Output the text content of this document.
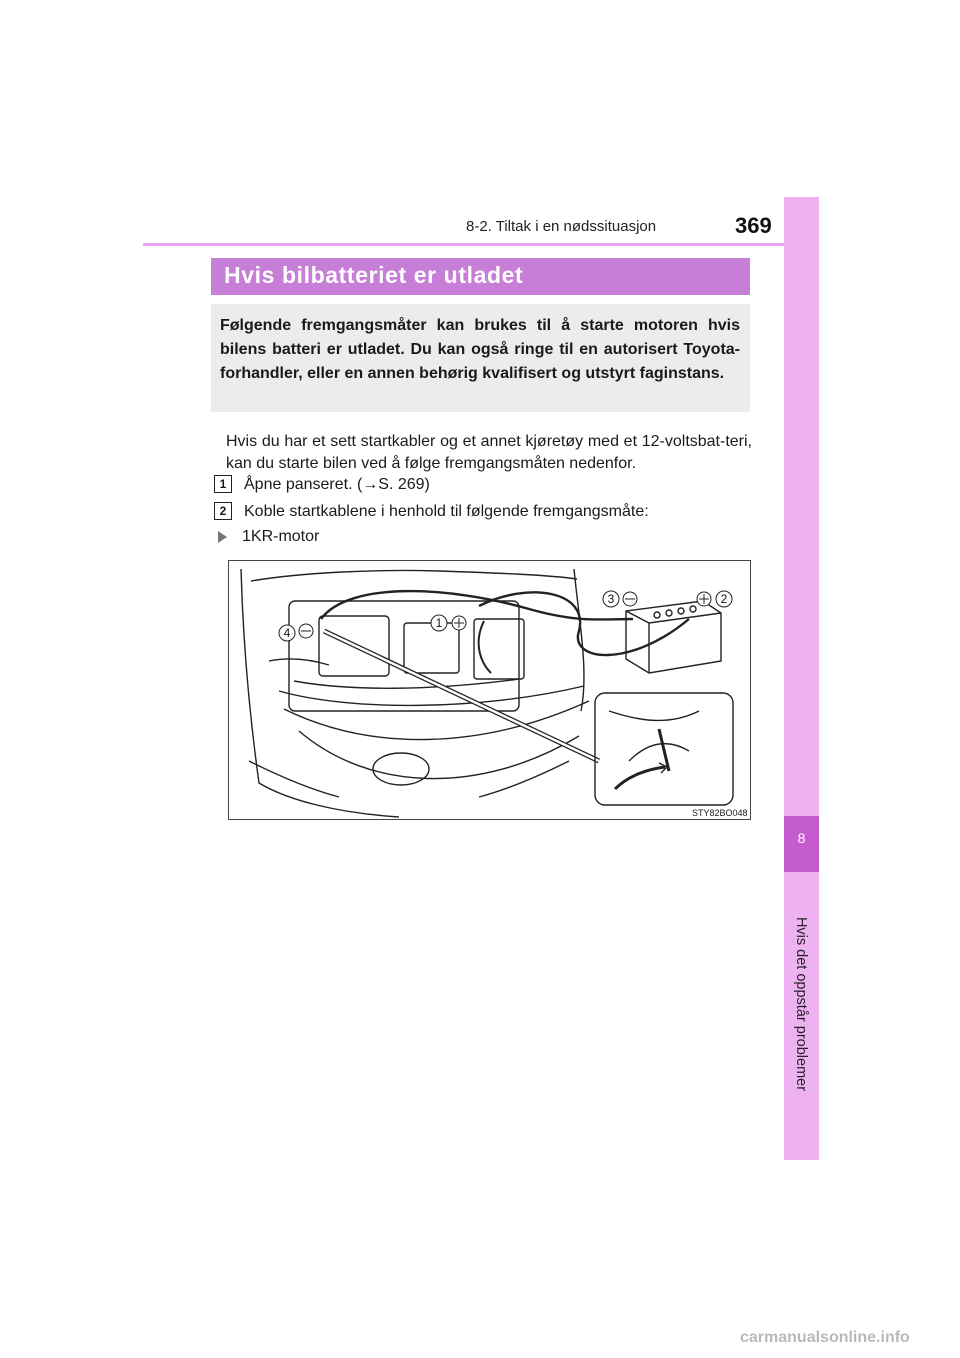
8-2. Tiltak i en nødssituasjon	369
8
Hvis det oppstår problemer
Hvis bilbatteriet er utladet
Følgende fremgangsmåter kan brukes til å starte motoren hvis bilens batteri er utladet. Du kan også ringe til en autorisert Toyota-forhandler, eller en annen behørig kvalifisert og utstyrt faginstans.
Hvis du har et sett startkabler og et annet kjøretøy med et 12-voltsbat-teri, kan du starte bilen ved å følge fremgangsmåten nedenfor.
1	Åpne panseret. (→S. 269)
2	Koble startkablene i henhold til følgende fremgangsmåte:
1KR-motor
1
2
3
4
STY82BO048
carmanualsonline.info
